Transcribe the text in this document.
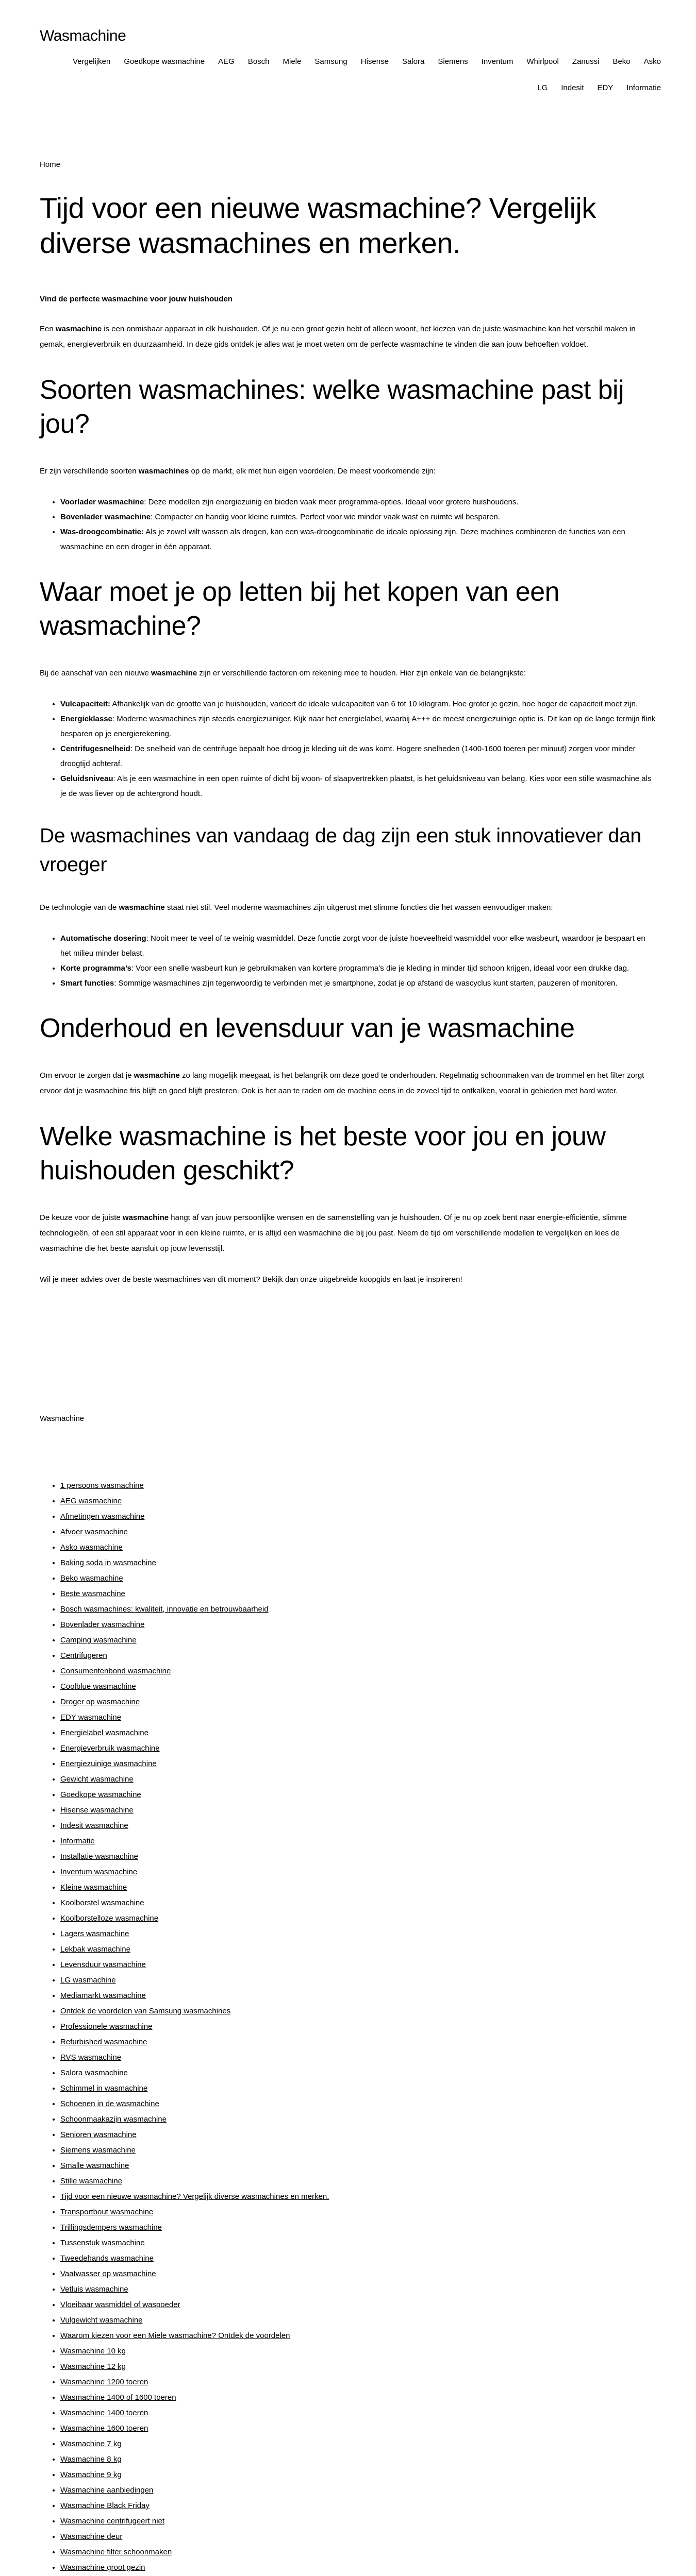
Wasmachine
Vergelijken Goedkope wasmachine AEG Bosch Miele Samsung Hisense Salora Siemens Inventum Whirlpool Zanussi Beko Asko
LG Indesit EDY Informatie
Home
Tijd voor een nieuwe wasmachine? Vergelijk diverse wasmachines en merken.

Vind de perfecte wasmachine voor jouw huishouden

Een wasmachine is een onmisbaar apparaat in elk huishouden. Of je nu een groot gezin hebt of alleen woont, het kiezen van de juiste wasmachine kan het verschil maken in gemak, energieverbruik en duurzaamheid. In deze gids ontdek je alles wat je moet weten om de perfecte wasmachine te vinden die aan jouw behoeften voldoet.

Soorten wasmachines: welke wasmachine past bij jou?

Er zijn verschillende soorten wasmachines op de markt, elk met hun eigen voordelen. De meest voorkomende zijn:

• Voorlader wasmachine: Deze modellen zijn energiezuinig en bieden vaak meer programma-opties. Ideaal voor grotere huishoudens.
• Bovenlader wasmachine: Compacter en handig voor kleine ruimtes. Perfect voor wie minder vaak wast en ruimte wil besparen.
• Was-droogcombinatie: Als je zowel wilt wassen als drogen, kan een was-droogcombinatie de ideale oplossing zijn. Deze machines combineren de functies van een wasmachine en een droger in één apparaat.
Waar moet je op letten bij het kopen van een wasmachine?

Bij de aanschaf van een nieuwe wasmachine zijn er verschillende factoren om rekening mee te houden. Hier zijn enkele van de belangrijkste:

• Vulcapaciteit: Afhankelijk van de grootte van je huishouden, varieert de ideale vulcapaciteit van 6 tot 10 kilogram. Hoe groter je gezin, hoe hoger de capaciteit moet zijn.
• Energieklasse: Moderne wasmachines zijn steeds energiezuiniger. Kijk naar het energielabel, waarbij A+++ de meest energiezuinige optie is. Dit kan op de lange termijn flink besparen op je energierekening.
• Centrifugesnelheid: De snelheid van de centrifuge bepaalt hoe droog je kleding uit de was komt. Hogere snelheden (1400-1600 toeren per minuut) zorgen voor minder droogtijd achteraf.
• Geluidsniveau: Als je een wasmachine in een open ruimte of dicht bij woon- of slaapvertrekken plaatst, is het geluidsniveau van belang. Kies voor een stille wasmachine als je de was liever op de achtergrond houdt.
De wasmachines van vandaag de dag zijn een stuk innovatiever dan vroeger

De technologie van de wasmachine staat niet stil. Veel moderne wasmachines zijn uitgerust met slimme functies die het wassen eenvoudiger maken:

• Automatische dosering: Nooit meer te veel of te weinig wasmiddel. Deze functie zorgt voor de juiste hoeveelheid wasmiddel voor elke wasbeurt, waardoor je bespaart en het milieu minder belast.
• Korte programma’s: Voor een snelle wasbeurt kun je gebruikmaken van kortere programma’s die je kleding in minder tijd schoon krijgen, ideaal voor een drukke dag.
• Smart functies: Sommige wasmachines zijn tegenwoordig te verbinden met je smartphone, zodat je op afstand de wascyclus kunt starten, pauzeren of monitoren.
Onderhoud en levensduur van je wasmachine

Om ervoor te zorgen dat je wasmachine zo lang mogelijk meegaat, is het belangrijk om deze goed te onderhouden. Regelmatig schoonmaken van de trommel en het filter zorgt ervoor dat je wasmachine fris blijft en goed blijft presteren. Ook is het aan te raden om de machine eens in de zoveel tijd te ontkalken, vooral in gebieden met hard water.

Welke wasmachine is het beste voor jou en jouw huishouden geschikt?

De keuze voor de juiste wasmachine hangt af van jouw persoonlijke wensen en de samenstelling van je huishouden. Of je nu op zoek bent naar energie-efficiëntie, slimme technologieën, of een stil apparaat voor in een kleine ruimte, er is altijd een wasmachine die bij jou past. Neem de tijd om verschillende modellen te vergelijken en kies de wasmachine die het beste aansluit op jouw levensstijl.

Wil je meer advies over de beste wasmachines van dit moment? Bekijk dan onze uitgebreide koopgids en laat je inspireren!

Wasmachine
• 1 persoons wasmachine
• AEG wasmachine
• Afmetingen wasmachine
• Afvoer wasmachine
• Asko wasmachine
• Baking soda in wasmachine
• Beko wasmachine
• Beste wasmachine
• Bosch wasmachines: kwaliteit, innovatie en betrouwbaarheid
• Bovenlader wasmachine
• Camping wasmachine
• Centrifugeren
• Consumentenbond wasmachine
• Coolblue wasmachine
• Droger op wasmachine
• EDY wasmachine
• Energielabel wasmachine
• Energieverbruik wasmachine
• Energiezuinige wasmachine
• Gewicht wasmachine
• Goedkope wasmachine
• Hisense wasmachine
• Indesit wasmachine
• Informatie
• Installatie wasmachine
• Inventum wasmachine
• Kleine wasmachine
• Koolborstel wasmachine
• Koolborstelloze wasmachine
• Lagers wasmachine
• Lekbak wasmachine
• Levensduur wasmachine
• LG wasmachine
• Mediamarkt wasmachine
• Ontdek de voordelen van Samsung wasmachines
• Professionele wasmachine
• Refurbished wasmachine
• RVS wasmachine
• Salora wasmachine
• Schimmel in wasmachine
• Schoenen in de wasmachine
• Schoonmaakazijn wasmachine
• Senioren wasmachine
• Siemens wasmachine
• Smalle wasmachine
• Stille wasmachine
• Tijd voor een nieuwe wasmachine? Vergelijk diverse wasmachines en merken.
• Transportbout wasmachine
• Trillingsdempers wasmachine
• Tussenstuk wasmachine
• Tweedehands wasmachine
• Vaatwasser op wasmachine
• Vetluis wasmachine
• Vloeibaar wasmiddel of waspoeder
• Vulgewicht wasmachine
• Waarom kiezen voor een Miele wasmachine? Ontdek de voordelen
• Wasmachine 10 kg
• Wasmachine 12 kg
• Wasmachine 1200 toeren
• Wasmachine 1400 of 1600 toeren
• Wasmachine 1400 toeren
• Wasmachine 1600 toeren
• Wasmachine 7 kg
• Wasmachine 8 kg
• Wasmachine 9 kg
• Wasmachine aanbiedingen
• Wasmachine Black Friday
• Wasmachine centrifugeert niet
• Wasmachine deur
• Wasmachine filter schoonmaken
• Wasmachine groot gezin
•
